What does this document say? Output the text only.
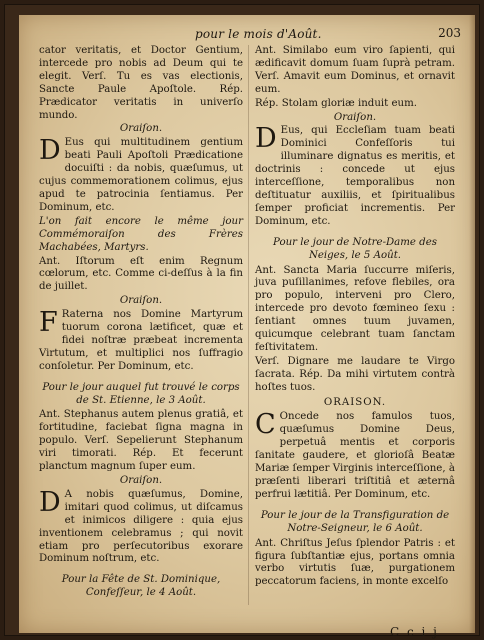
pour le mois d'Août.	203

cator veritatis, et Doctor Gentium, intercede pro nobis ad Deum qui te elegit. Verſ. Tu es vas electionis, Sancte Paule Apoſtole. Rép. Prædicator veritatis in univerſo mundo.

Oraiſon.

D Eus qui multitudinem gentium beati Pauli Apoſtoli Prædicatione docuiſti : da nobis, quæſumus, ut cujus commemorationem colimus, ejus apud te patrocinia ſentiamus. Per Dominum, etc.

L'on fait encore le même jour Commémoraiſon des Frères Machabées, Martyrs.

Ant. Iſtorum eſt enim Regnum cœlorum, etc. Comme ci-deſſus à la fin de juillet.

Oraiſon.

F Raterna nos Domine Martyrum tuorum corona lætificet, quæ et fidei noſtræ præbeat incrementa Virtutum, et multiplici nos ſuffragio conſoletur. Per Dominum, etc.

Pour le jour auquel fut trouvé le corps de St. Etienne, le 3 Août.

Ant. Stephanus autem plenus gratiâ, et fortitudine, faciebat ſigna magna in populo. Verſ. Sepelierunt Stephanum viri timorati. Rép. Et fecerunt planctum magnum ſuper eum.

Oraiſon.

D A nobis quæſumus, Domine, imitari quod colimus, ut diſcamus et inimicos diligere : quia ejus inventionem celebramus ; qui novit etiam pro perſecutoribus exorare Dominum noſtrum, etc.

Pour la Fête de St. Dominique, Confeſſeur, le 4 Août.

Ant. Similabo eum viro ſapienti, qui ædificavit domum ſuam ſuprà petram. Verſ. Amavit eum Dominus, et ornavit eum.

Rép. Stolam gloriæ induit eum.

Oraiſon.

D Eus, qui Eccleſiam tuam beati Dominici Confeſſoris tui illuminare dignatus es meritis, et doctrinis : concede ut ejus interceſſione, temporalibus non deſtituatur auxiliis, et ſpiritualibus ſemper proficiat incrementis. Per Dominum, etc.

Pour le jour de Notre-Dame des Neiges, le 5 Août.

Ant. Sancta Maria ſuccurre miſeris, juva puſillanimes, refove flebiles, ora pro populo, interveni pro Clero, intercede pro devoto fœmineo ſexu : ſentiant omnes tuum juvamen, quicumque celebrant tuam ſanctam feſtivitatem.

Verſ. Dignare me laudare te Virgo ſacrata. Rép. Da mihi virtutem contrà hoſtes tuos.

ORAISON.

C Oncede nos famulos tuos, quæſumus Domine Deus, perpetuâ mentis et corporis ſanitate gaudere, et glorioſâ Beatæ Mariæ ſemper Virginis interceſſione, à præſenti liberari triſtitiâ et æternâ perfrui lætitiâ. Per Dominum, etc.

Pour le jour de la Transfiguration de Notre-Seigneur, le 6 Août.

Ant. Chriſtus Jeſus ſplendor Patris : et figura ſubſtantiæ ejus, portans omnia verbo virtutis ſuæ, purgationem peccatorum faciens, in monte excelſo

C c i j
